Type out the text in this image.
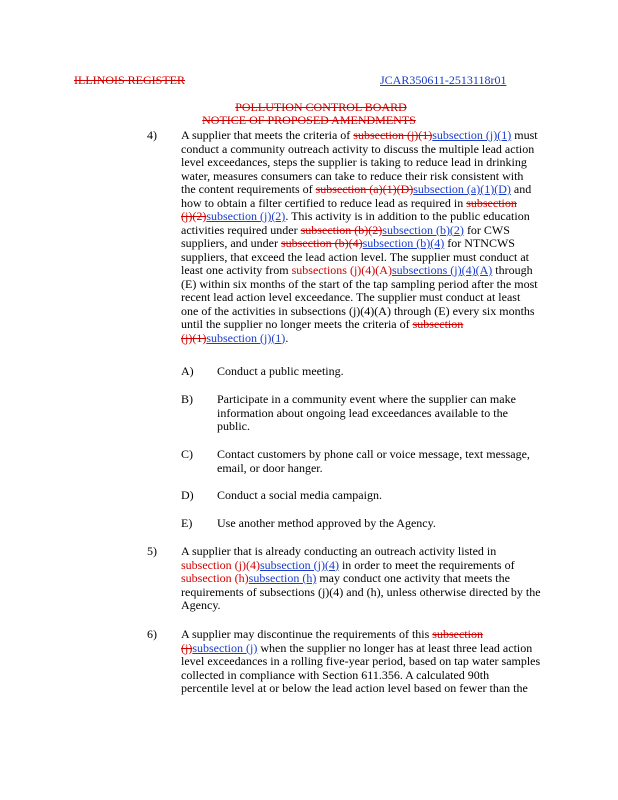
ILLINOIS REGISTER	JCAR350611-2513118r01
POLLUTION CONTROL BOARD
NOTICE OF PROPOSED AMENDMENTS
4) A supplier that meets the criteria of subsection (j)(1)subsection (j)(1) must
conduct a community outreach activity to discuss the multiple lead action
level exceedances, steps the supplier is taking to reduce lead in drinking
water, measures consumers can take to reduce their risk consistent with
the content requirements of subsection (a)(1)(D)subsection (a)(1)(D) and
how to obtain a filter certified to reduce lead as required in subsection
(j)(2)subsection (j)(2). This activity is in addition to the public education
activities required under subsection (b)(2)subsection (b)(2) for CWS
suppliers, and under subsection (b)(4)subsection (b)(4) for NTNCWS
suppliers, that exceed the lead action level. The supplier must conduct at
least one activity from subsections (j)(4)(A)subsections (j)(4)(A) through
(E) within six months of the start of the tap sampling period after the most
recent lead action level exceedance. The supplier must conduct at least
one of the activities in subsections (j)(4)(A) through (E) every six months
until the supplier no longer meets the criteria of subsection
(j)(1)subsection (j)(1).
A) Conduct a public meeting.
B) Participate in a community event where the supplier can make
information about ongoing lead exceedances available to the
public.
C) Contact customers by phone call or voice message, text message,
email, or door hanger.
D) Conduct a social media campaign.
E) Use another method approved by the Agency.
5) A supplier that is already conducting an outreach activity listed in
subsection (j)(4)subsection (j)(4) in order to meet the requirements of
subsection (h)subsection (h) may conduct one activity that meets the
requirements of subsections (j)(4) and (h), unless otherwise directed by the
Agency.
6) A supplier may discontinue the requirements of this subsection
(j)subsection (j) when the supplier no longer has at least three lead action
level exceedances in a rolling five-year period, based on tap water samples
collected in compliance with Section 611.356. A calculated 90th
percentile level at or below the lead action level based on fewer than the
